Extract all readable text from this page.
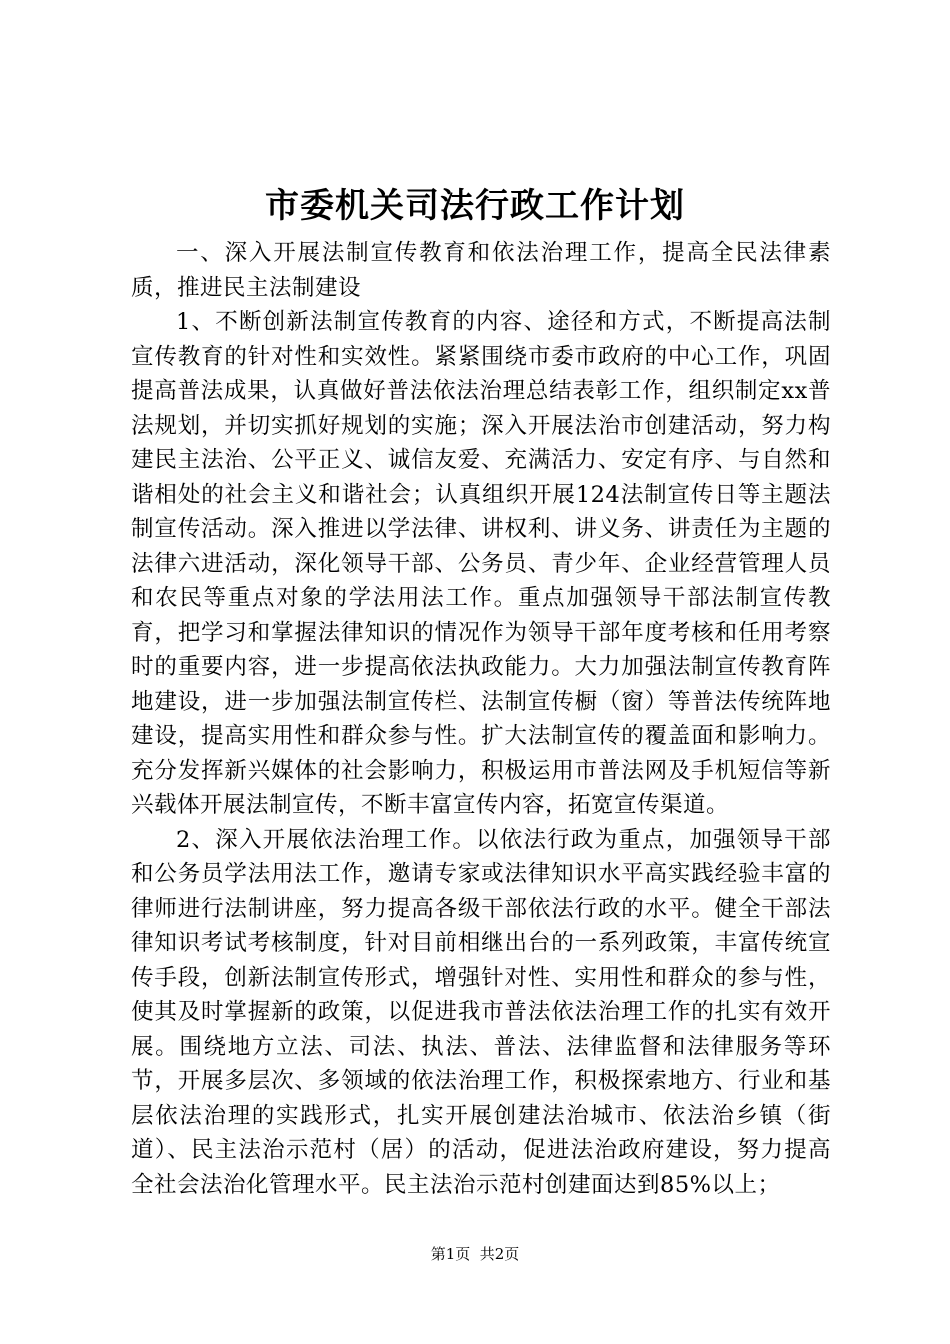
市委机关司法行政工作计划

一、深入开展法制宣传教育和依法治理工作，提高全民法律素质，推进民主法制建设

1、不断创新法制宣传教育的内容、途径和方式，不断提高法制宣传教育的针对性和实效性。紧紧围绕市委市政府的中心工作，巩固提高普法成果，认真做好普法依法治理总结表彰工作，组织制定xx普法规划，并切实抓好规划的实施；深入开展法治市创建活动，努力构建民主法治、公平正义、诚信友爱、充满活力、安定有序、与自然和谐相处的社会主义和谐社会；认真组织开展124法制宣传日等主题法制宣传活动。深入推进以学法律、讲权利、讲义务、讲责任为主题的法律六进活动，深化领导干部、公务员、青少年、企业经营管理人员和农民等重点对象的学法用法工作。重点加强领导干部法制宣传教育，把学习和掌握法律知识的情况作为领导干部年度考核和任用考察时的重要内容，进一步提高依法执政能力。大力加强法制宣传教育阵地建设，进一步加强法制宣传栏、法制宣传橱（窗）等普法传统阵地建设，提高实用性和群众参与性。扩大法制宣传的覆盖面和影响力。充分发挥新兴媒体的社会影响力，积极运用市普法网及手机短信等新兴载体开展法制宣传，不断丰富宣传内容，拓宽宣传渠道。

2、深入开展依法治理工作。以依法行政为重点，加强领导干部和公务员学法用法工作，邀请专家或法律知识水平高实践经验丰富的律师进行法制讲座，努力提高各级干部依法行政的水平。健全干部法律知识考试考核制度，针对目前相继出台的一系列政策，丰富传统宣传手段，创新法制宣传形式，增强针对性、实用性和群众的参与性，使其及时掌握新的政策，以促进我市普法依法治理工作的扎实有效开展。围绕地方立法、司法、执法、普法、法律监督和法律服务等环节，开展多层次、多领域的依法治理工作，积极探索地方、行业和基层依法治理的实践形式，扎实开展创建法治城市、依法治乡镇（街道）、民主法治示范村（居）的活动，促进法治政府建设，努力提高全社会法治化管理水平。民主法治示范村创建面达到85%以上；

第1页  共2页
